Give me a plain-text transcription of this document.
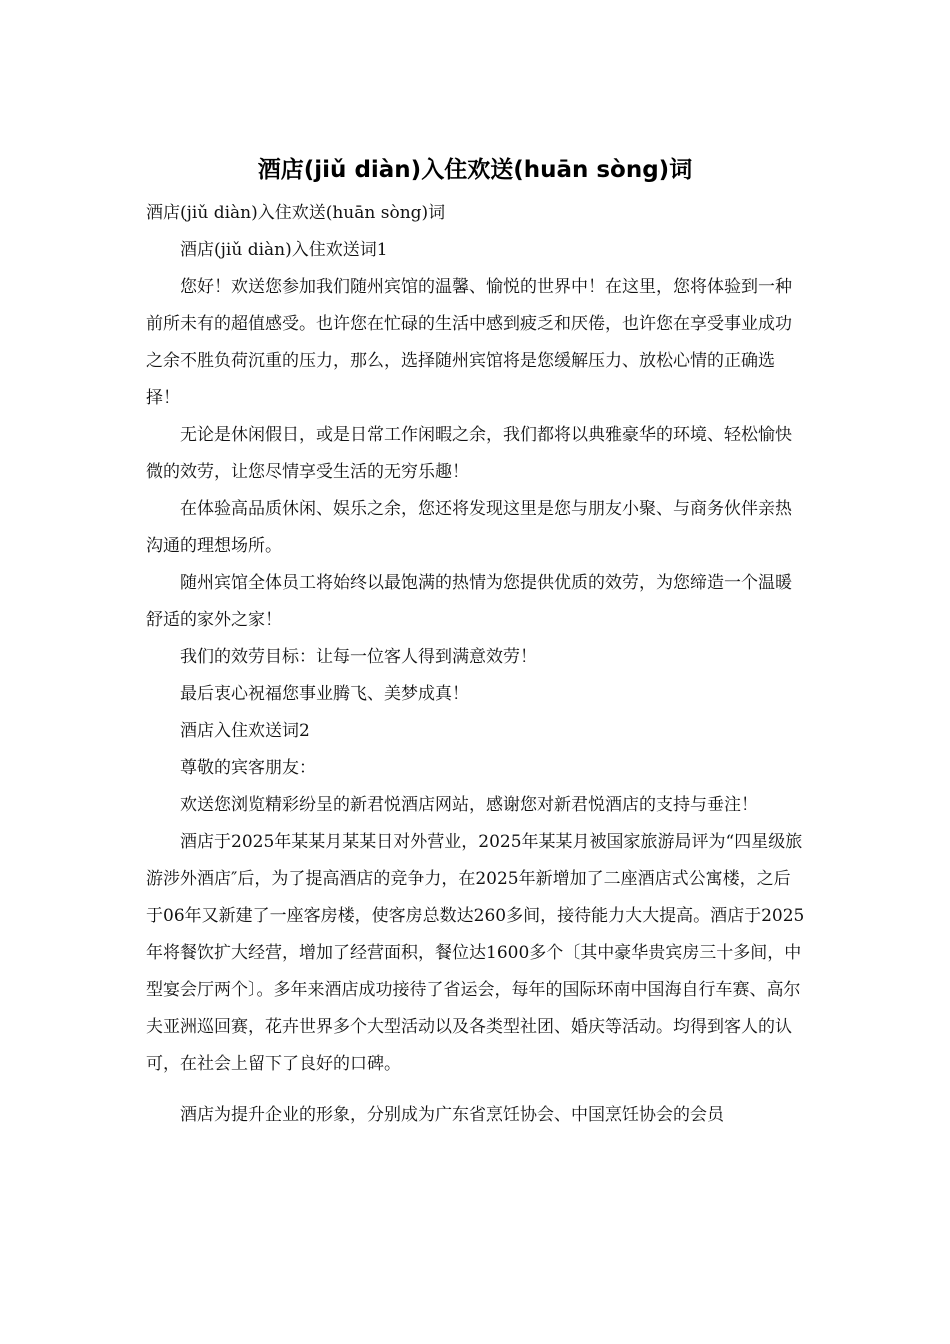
酒店(jiǔ diàn)入住欢送(huān sòng)词

酒店(jiǔ diàn)入住欢送(huān sòng)词

酒店(jiǔ diàn)入住欢送词1

您好！欢送您参加我们随州宾馆的温馨、愉悦的世界中！在这里，您将体验到一种前所未有的超值感受。也许您在忙碌的生活中感到疲乏和厌倦，也许您在享受事业成功之余不胜负荷沉重的压力，那么，选择随州宾馆将是您缓解压力、放松心情的正确选择！

无论是休闲假日，或是日常工作闲暇之余，我们都将以典雅豪华的环境、轻松愉快微的效劳，让您尽情享受生活的无穷乐趣！

在体验高品质休闲、娱乐之余，您还将发现这里是您与朋友小聚、与商务伙伴亲热沟通的理想场所。

随州宾馆全体员工将始终以最饱满的热情为您提供优质的效劳，为您缔造一个温暖舒适的家外之家！

我们的效劳目标：让每一位客人得到满意效劳！

最后衷心祝福您事业腾飞、美梦成真！

酒店入住欢送词2

尊敬的宾客朋友：

欢送您浏览精彩纷呈的新君悦酒店网站，感谢您对新君悦酒店的支持与垂注！

酒店于2025年某某月某某日对外营业，2025年某某月被国家旅游局评为“四星级旅游涉外酒店″后，为了提高酒店的竞争力，在2025年新增加了二座酒店式公寓楼，之后于06年又新建了一座客房楼，使客房总数达260多间，接待能力大大提高。酒店于2025年将餐饮扩大经营，增加了经营面积，餐位达1600多个〔其中豪华贵宾房三十多间，中型宴会厅两个〕。多年来酒店成功接待了省运会，每年的国际环南中国海自行车赛、高尔夫亚洲巡回赛，花卉世界多个大型活动以及各类型社团、婚庆等活动。均得到客人的认可，在社会上留下了良好的口碑。

酒店为提升企业的形象，分别成为广东省烹饪协会、中国烹饪协会的会员
